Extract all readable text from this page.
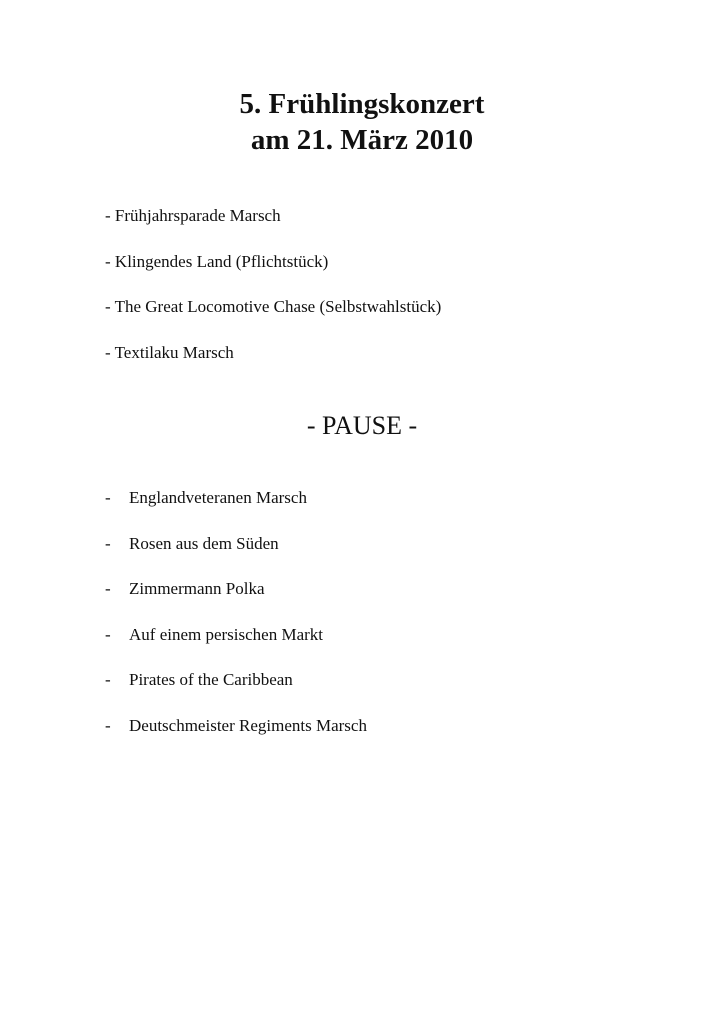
5. Frühlingskonzert
am 21. März 2010
- Frühjahrsparade Marsch
- Klingendes Land (Pflichtstück)
- The Great Locomotive Chase (Selbstwahlstück)
- Textilaku Marsch
- PAUSE -
- Englandveteranen Marsch
- Rosen aus dem Süden
- Zimmermann Polka
- Auf einem persischen Markt
- Pirates of the Caribbean
- Deutschmeister Regiments Marsch
